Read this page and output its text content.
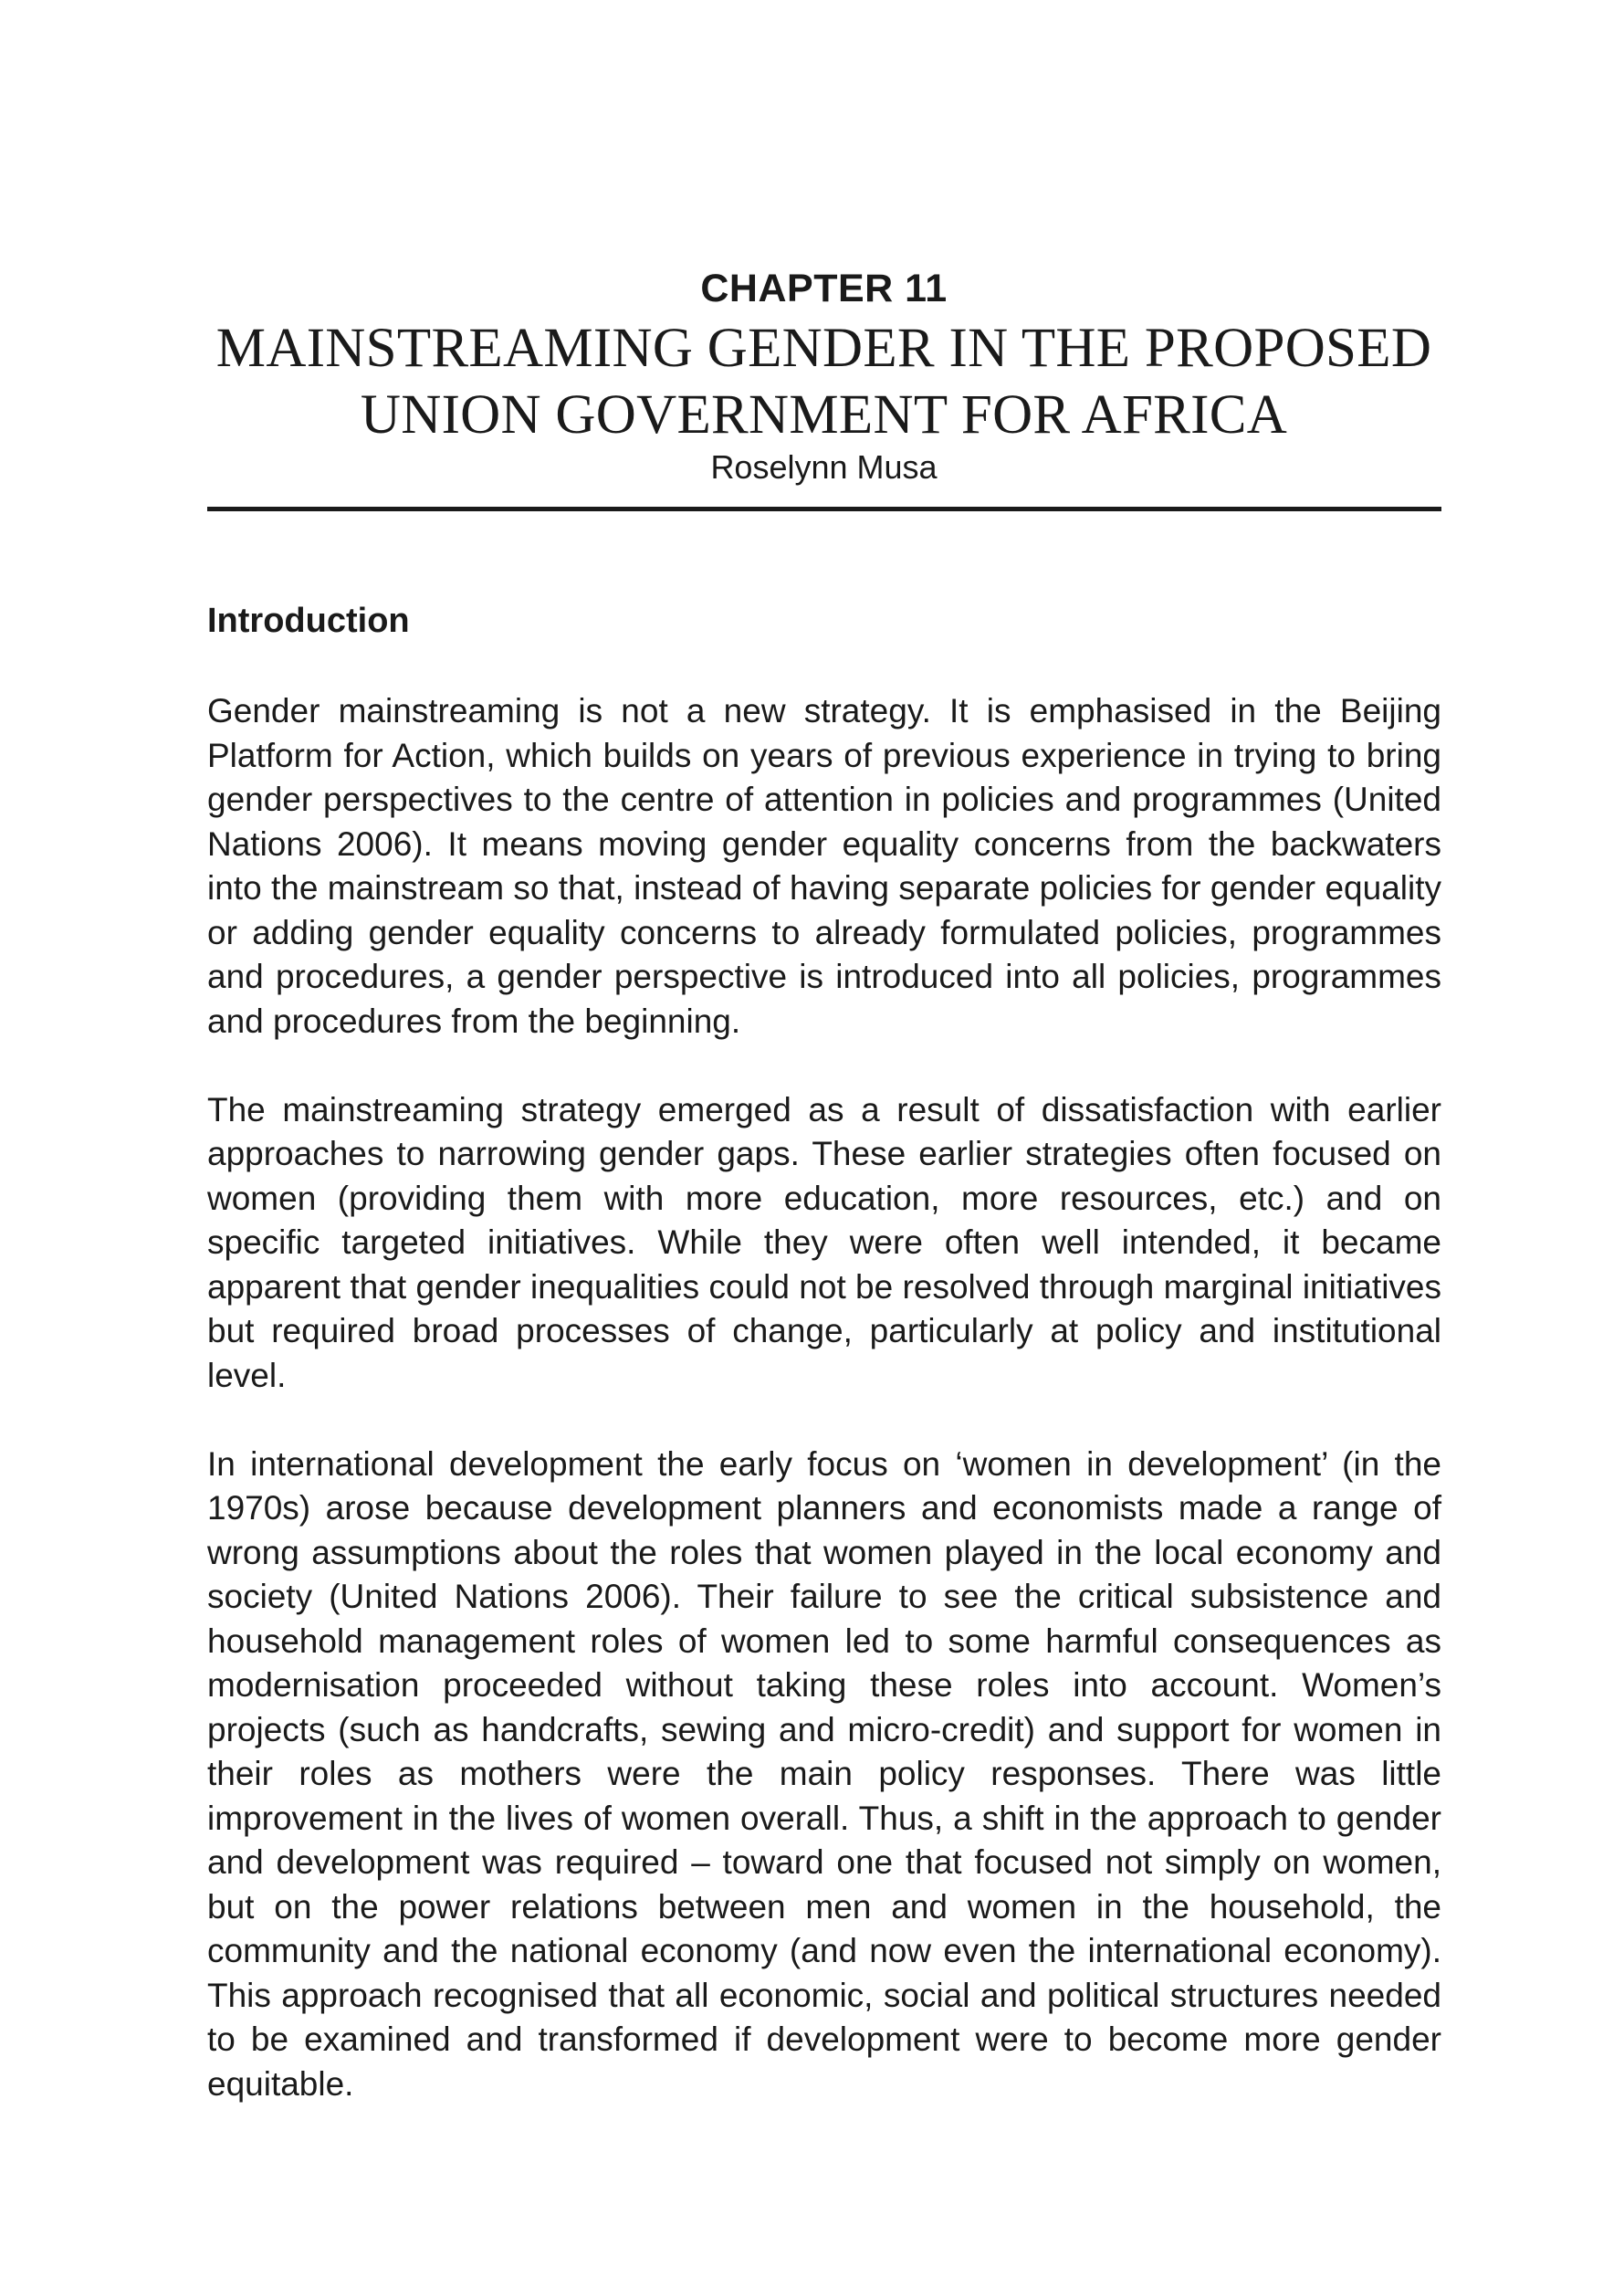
CHAPTER 11
MAINSTREAMING GENDER IN THE PROPOSED
UNION GOVERNMENT FOR AFRICA
Roselynn Musa
Introduction

Gender mainstreaming is not a new strategy. It is emphasised in the Beijing Platform for Action, which builds on years of previous experience in trying to bring gender perspectives to the centre of attention in policies and programmes (United Nations 2006). It means moving gender equality concerns from the backwaters into the mainstream so that, instead of having separate policies for gender equality or adding gender equality concerns to already formulated policies, programmes and procedures, a gender perspective is introduced into all policies, programmes and procedures from the beginning.

The mainstreaming strategy emerged as a result of dissatisfaction with earlier approaches to narrowing gender gaps. These earlier strategies often focused on women (providing them with more education, more resources, etc.) and on specific targeted initiatives. While they were often well intended, it became apparent that gender inequalities could not be resolved through marginal initiatives but required broad processes of change, particularly at policy and institutional level.

In international development the early focus on ‘women in development’ (in the 1970s) arose because development planners and economists made a range of wrong assumptions about the roles that women played in the local economy and society (United Nations 2006). Their failure to see the critical subsistence and household management roles of women led to some harmful consequences as modernisation proceeded without taking these roles into account. Women’s projects (such as handcrafts, sewing and micro-credit) and support for women in their roles as mothers were the main policy responses. There was little improvement in the lives of women overall. Thus, a shift in the approach to gender and development was required – toward one that focused not simply on women, but on the power relations between men and women in the household, the community and the national economy (and now even the international economy). This approach recognised that all economic, social and political structures needed to be examined and transformed if development were to become more gender equitable.
